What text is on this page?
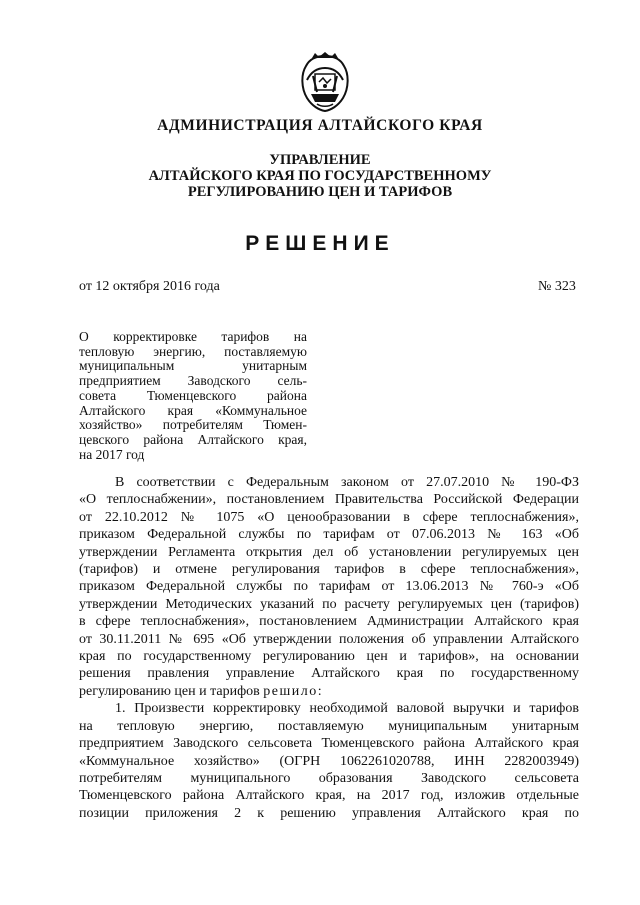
АДМИНИСТРАЦИЯ АЛТАЙСКОГО КРАЯ
УПРАВЛЕНИЕ
АЛТАЙСКОГО КРАЯ ПО ГОСУДАРСТВЕННОМУ
РЕГУЛИРОВАНИЮ ЦЕН И ТАРИФОВ
РЕШЕНИЕ
от 12 октября 2016 года	№ 323
О корректировке тарифов на
тепловую энергию, поставляемую
муниципальным унитарным
предприятием Заводского сель-
совета Тюменцевского района
Алтайского края «Коммунальное
хозяйство» потребителям Тюмен-
цевского района Алтайского края,
на 2017 год
В соответствии с Федеральным законом от 27.07.2010 № 190-ФЗ
«О теплоснабжении», постановлением Правительства Российской Федерации
от 22.10.2012 № 1075 «О ценообразовании в сфере теплоснабжения»,
приказом Федеральной службы по тарифам от 07.06.2013 № 163 «Об
утверждении Регламента открытия дел об установлении регулируемых цен
(тарифов) и отмене регулирования тарифов в сфере теплоснабжения»,
приказом Федеральной службы по тарифам от 13.06.2013 № 760-э «Об
утверждении Методических указаний по расчету регулируемых цен (тарифов)
в сфере теплоснабжения», постановлением Администрации Алтайского края
от 30.11.2011 № 695 «Об утверждении положения об управлении Алтайского
края по государственному регулированию цен и тарифов», на основании
решения правления управление Алтайского края по государственному
регулированию цен и тарифов решило:
1. Произвести корректировку необходимой валовой выручки и тарифов
на тепловую энергию, поставляемую муниципальным унитарным
предприятием Заводского сельсовета Тюменцевского района Алтайского края
«Коммунальное хозяйство» (ОГРН 1062261020788, ИНН 2282003949)
потребителям муниципального образования Заводского сельсовета
Тюменцевского района Алтайского края, на 2017 год, изложив отдельные
позиции приложения 2 к решению управления Алтайского края по
